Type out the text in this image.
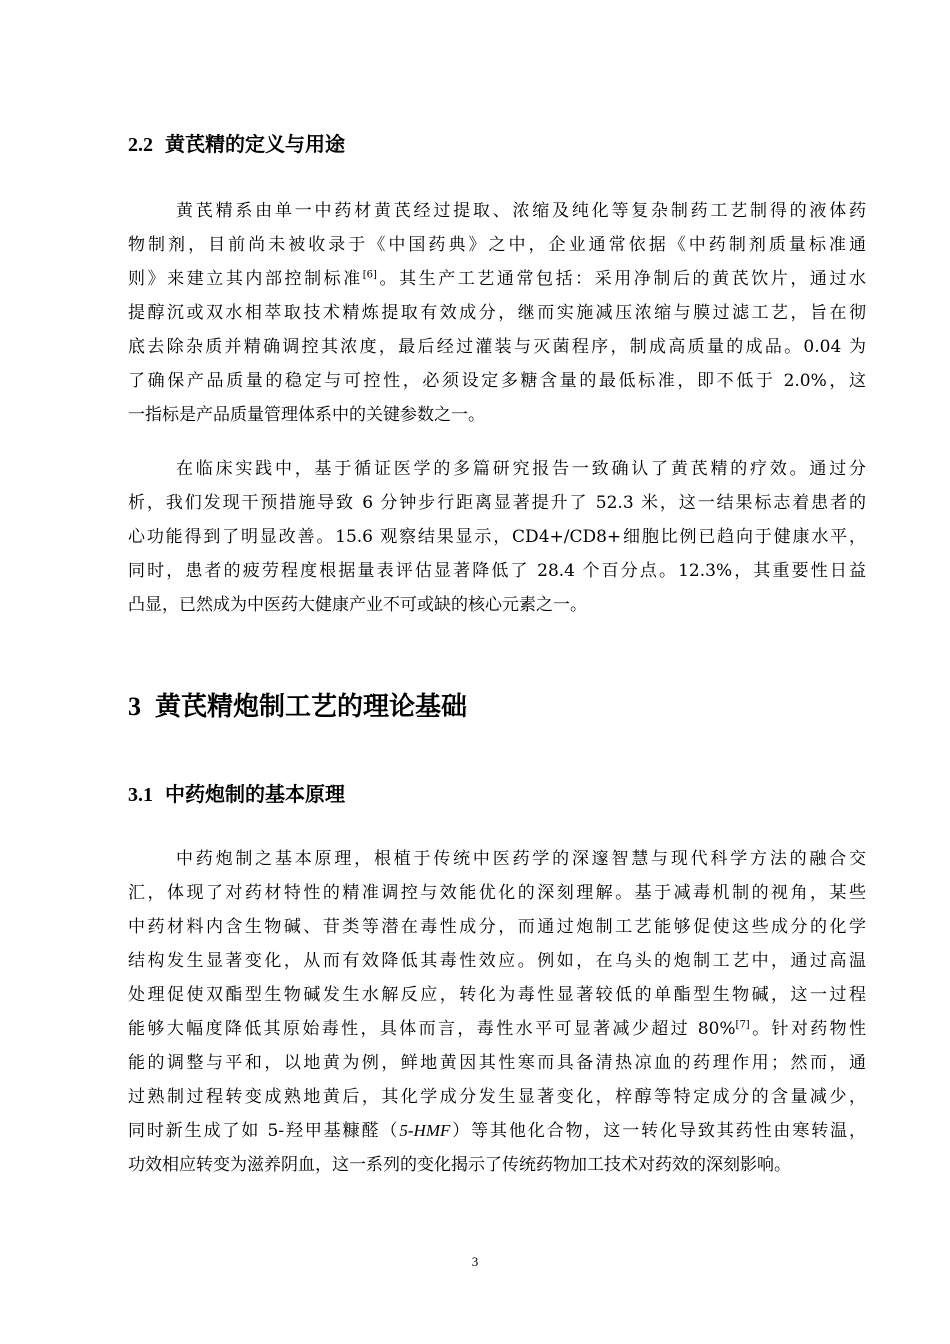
2.2 黄芪精的定义与用途
黄芪精系由单一中药材黄芪经过提取、浓缩及纯化等复杂制药工艺制得的液体药
物制剂，目前尚未被收录于《中国药典》之中，企业通常依据《中药制剂质量标准通
则》来建立其内部控制标准[6]。其生产工艺通常包括：采用净制后的黄芪饮片，通过水
提醇沉或双水相萃取技术精炼提取有效成分，继而实施减压浓缩与膜过滤工艺，旨在彻
底去除杂质并精确调控其浓度，最后经过灌装与灭菌程序，制成高质量的成品。0.04 为
了确保产品质量的稳定与可控性，必须设定多糖含量的最低标准，即不低于 2.0%，这
一指标是产品质量管理体系中的关键参数之一。
在临床实践中，基于循证医学的多篇研究报告一致确认了黄芪精的疗效。通过分
析，我们发现干预措施导致 6 分钟步行距离显著提升了 52.3 米，这一结果标志着患者的
心功能得到了明显改善。15.6 观察结果显示，CD4+/CD8+细胞比例已趋向于健康水平，
同时，患者的疲劳程度根据量表评估显著降低了 28.4 个百分点。12.3%，其重要性日益
凸显，已然成为中医药大健康产业不可或缺的核心元素之一。
3 黄芪精炮制工艺的理论基础
3.1 中药炮制的基本原理
中药炮制之基本原理，根植于传统中医药学的深邃智慧与现代科学方法的融合交
汇，体现了对药材特性的精准调控与效能优化的深刻理解。基于减毒机制的视角，某些
中药材料内含生物碱、苷类等潜在毒性成分，而通过炮制工艺能够促使这些成分的化学
结构发生显著变化，从而有效降低其毒性效应。例如，在乌头的炮制工艺中，通过高温
处理促使双酯型生物碱发生水解反应，转化为毒性显著较低的单酯型生物碱，这一过程
能够大幅度降低其原始毒性，具体而言，毒性水平可显著减少超过 80%[7]。针对药物性
能的调整与平和，以地黄为例，鲜地黄因其性寒而具备清热凉血的药理作用；然而，通
过熟制过程转变成熟地黄后，其化学成分发生显著变化，梓醇等特定成分的含量减少，
同时新生成了如 5-羟甲基糠醛（5-HMF）等其他化合物，这一转化导致其药性由寒转温，
功效相应转变为滋养阴血，这一系列的变化揭示了传统药物加工技术对药效的深刻影响。
3
